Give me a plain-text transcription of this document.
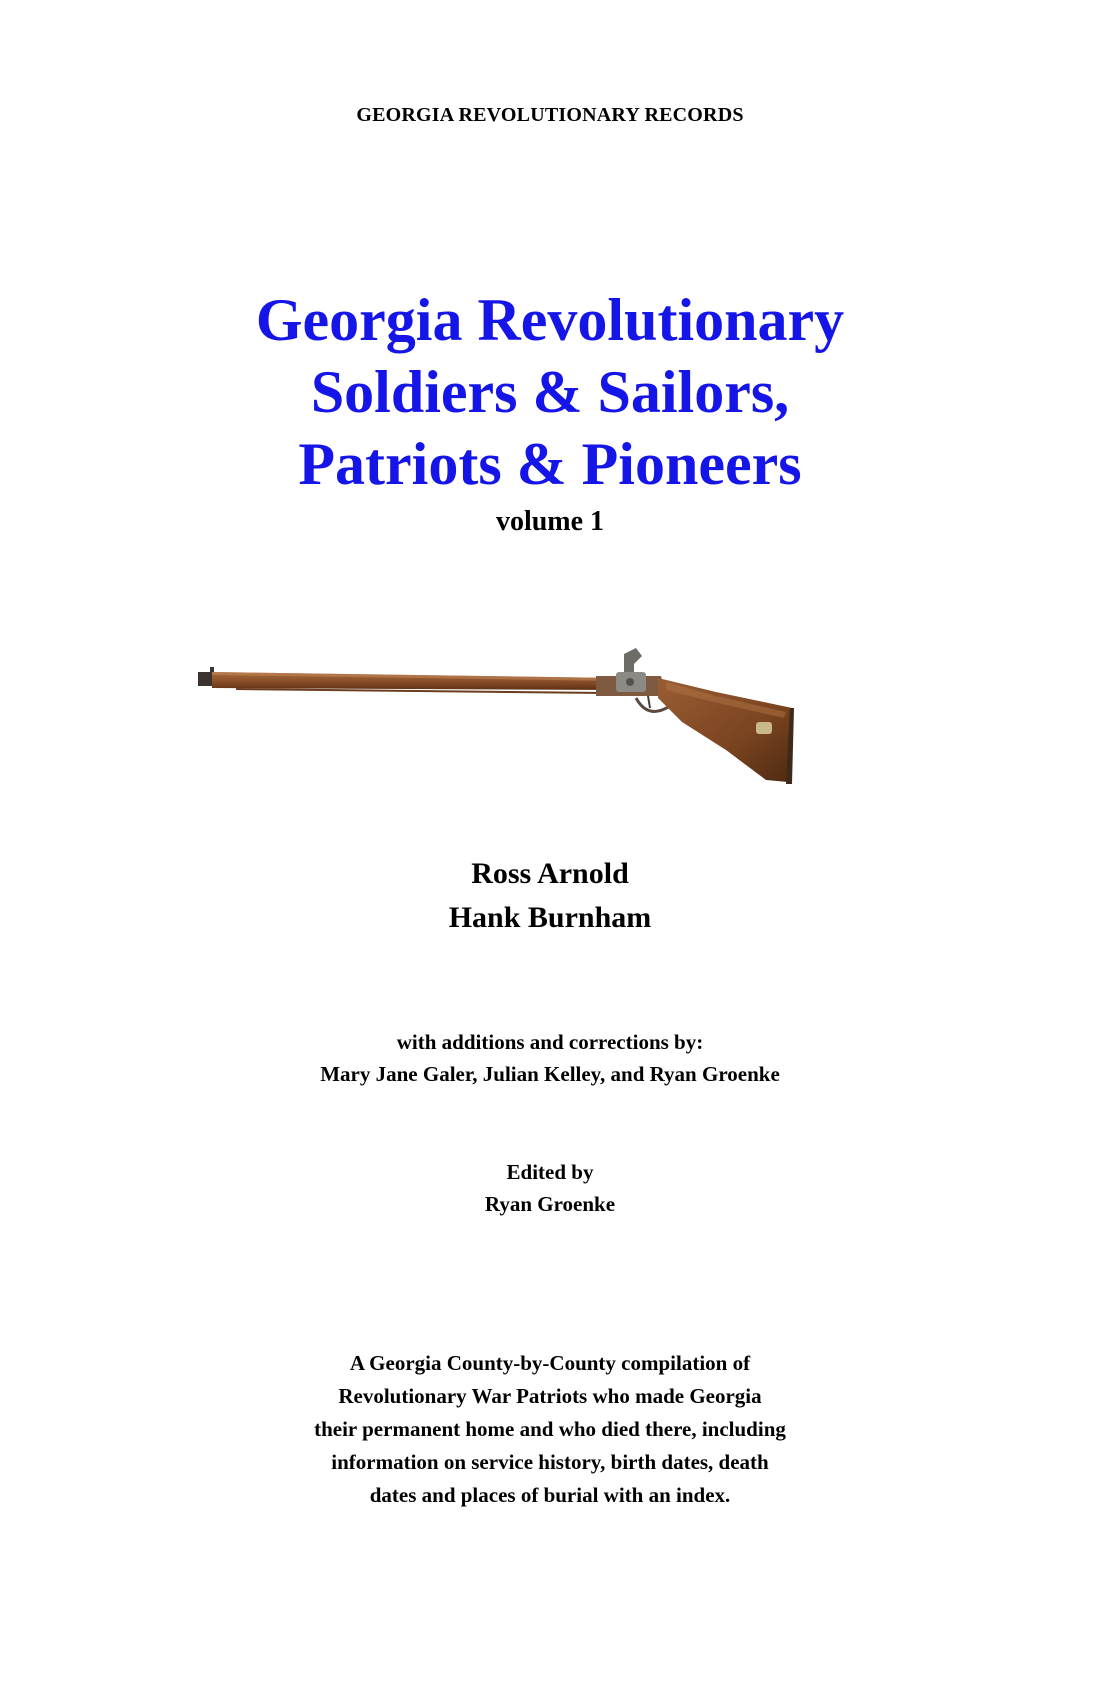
GEORGIA REVOLUTIONARY RECORDS
Georgia Revolutionary
Soldiers & Sailors,
Patriots & Pioneers
volume 1
Ross Arnold
Hank Burnham
with additions and corrections by:
Mary Jane Galer, Julian Kelley, and Ryan Groenke
Edited by
Ryan Groenke
A Georgia County-by-County compilation of
Revolutionary War Patriots who made Georgia
their permanent home and who died there, including
information on service history, birth dates, death
dates and places of burial with an index.
